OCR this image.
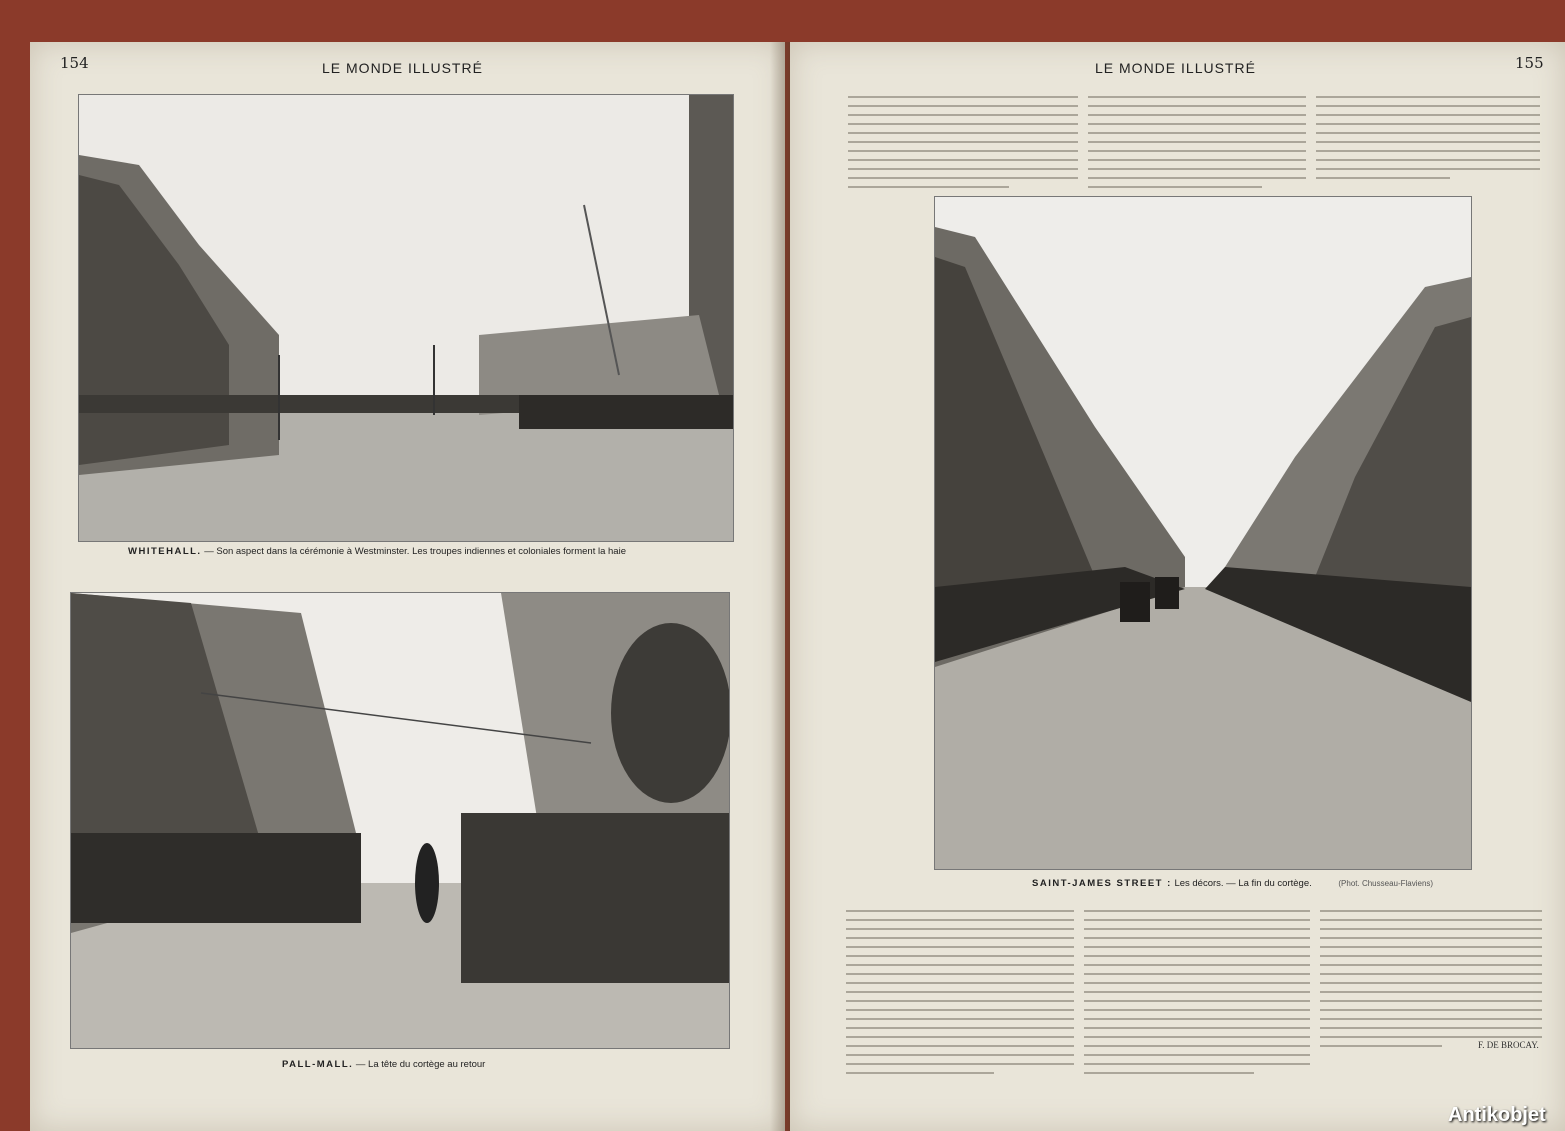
154	LE MONDE ILLUSTRÉ
WHITEHALL. — Son aspect dans la cérémonie à Westminster. Les troupes indiennes et coloniales forment la haie
PALL-MALL. — La tête du cortège au retour
LE MONDE ILLUSTRÉ	155
SAINT-JAMES STREET : Les décors. — La fin du cortège.	(Phot. Chusseau-Flaviens)
F. DE BROCAY.
Antikobjet
